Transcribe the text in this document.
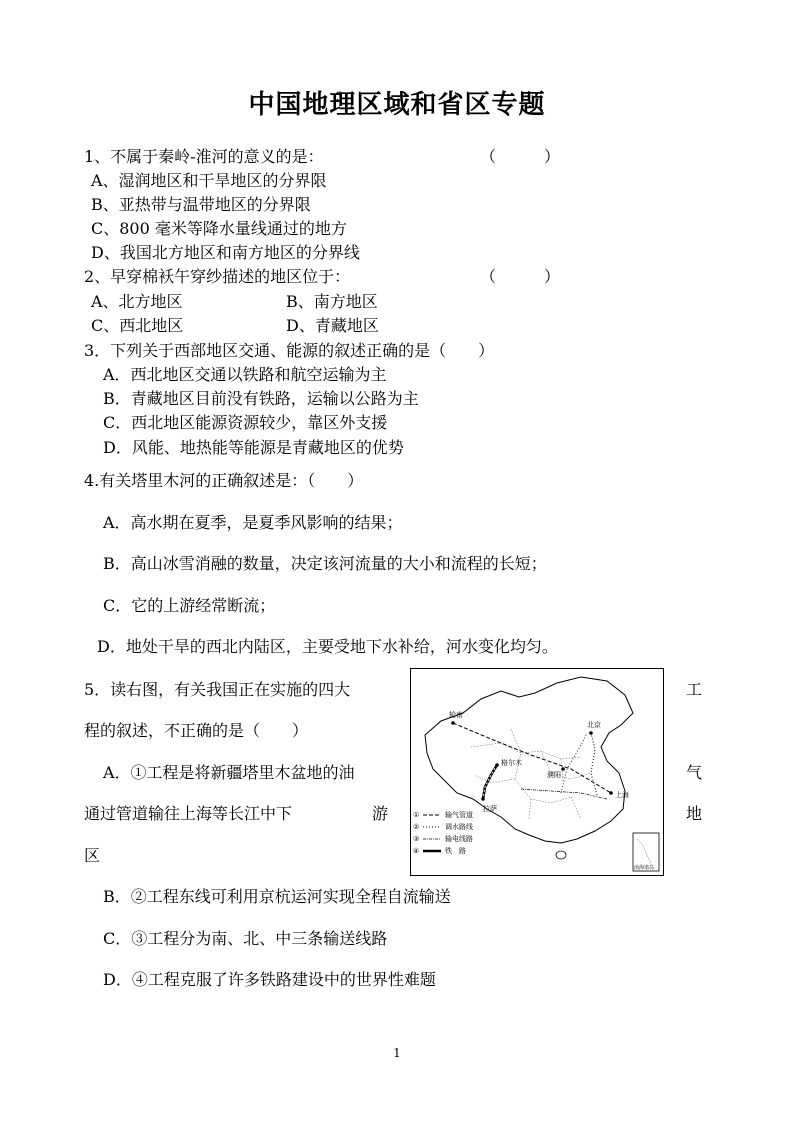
中国地理区域和省区专题
1、不属于秦岭-淮河的意义的是：	（　　　）
A、湿润地区和干旱地区的分界限
B、亚热带与温带地区的分界限
C、800 毫米等降水量线通过的地方
D、我国北方地区和南方地区的分界线
2、早穿棉袄午穿纱描述的地区位于：	（　　　）
A、北方地区	B、南方地区
C、西北地区	D、青藏地区
3．下列关于西部地区交通、能源的叙述正确的是（　　）
A．西北地区交通以铁路和航空运输为主
B．青藏地区目前没有铁路，运输以公路为主
C．西北地区能源资源较少，靠区外支援
D．风能、地热能等能源是青藏地区的优势
4.有关塔里木河的正确叙述是：（　　）
A．高水期在夏季，是夏季风影响的结果；
B．高山冰雪消融的数量，决定该河流量的大小和流程的长短；
C．它的上游经常断流；
D．地处干旱的西北内陆区，主要受地下水补给，河水变化均匀。
5．读右图，有关我国正在实施的四大	工
程的叙述，不正确的是（　　）
A．①工程是将新疆塔里木盆地的油	气
通过管道输往上海等长江中下	游	地
区
B．②工程东线可利用京杭运河实现全程自流输送
C．③工程分为南、北、中三条输送线路
D．④工程克服了许多铁路建设中的世界性难题
轮南
北京
格尔木
濮阳
拉萨
上海
①	输气管道
②	调水路线
③	输电线路
④	铁　路
南海诸岛
1
